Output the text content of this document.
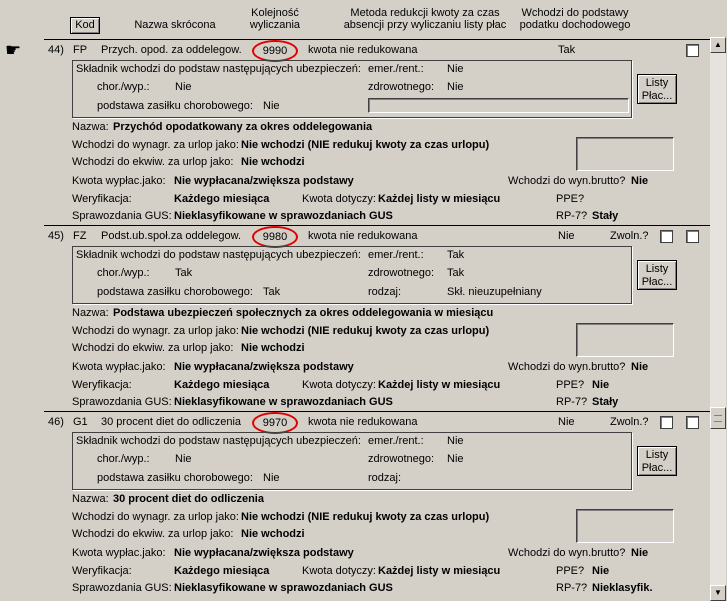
Kod	Nazwa skrócona
Kolejność
wyliczania
Metoda redukcji kwoty za czas
absencji przy wyliczaniu listy płac
Wchodzi do podstawy
podatku dochodowego
☛ 44) FP Przych. opod. za oddelegow.	9990	kwota nie redukowana	Tak
Składnik wchodzi do podstaw następujących ubezpieczeń: emer./rent.: Nie
chor./wyp.: Nie	zdrowotnego: Nie
podstawa zasiłku chorobowego: Nie
Listy
Płac...
Nazwa: Przychód opodatkowany za okres oddelegowania
Wchodzi do wynagr. za urlop jako: Nie wchodzi (NIE redukuj kwoty za czas urlopu)
Wchodzi do ekwiw. za urlop jako: Nie wchodzi
Kwota wypłac.jako: Nie wypłacana/zwiększa podstawy	Wchodzi do wyn.brutto? Nie
Weryfikacja:	Każdego miesiąca	Kwota dotyczy: Każdej listy w miesiącu	PPE?
Sprawozdania GUS: Nieklasyfikowane w sprawozdaniach GUS	RP-7? Stały
45) FZ Podst.ub.społ.za oddelegow.	9980	kwota nie redukowana	Nie	Zwoln.?
Składnik wchodzi do podstaw następujących ubezpieczeń: emer./rent.: Tak
chor./wyp.: Tak	zdrowotnego: Tak
podstawa zasiłku chorobowego: Tak	rodzaj:	Skł. nieuzupełniany
Listy
Płac...
Nazwa: Podstawa ubezpieczeń społecznych za okres oddelegowania w miesiącu
Wchodzi do wynagr. za urlop jako: Nie wchodzi (NIE redukuj kwoty za czas urlopu)
Wchodzi do ekwiw. za urlop jako: Nie wchodzi
Kwota wypłac.jako: Nie wypłacana/zwiększa podstawy	Wchodzi do wyn.brutto? Nie
Weryfikacja:	Każdego miesiąca	Kwota dotyczy: Każdej listy w miesiącu	PPE? Nie
Sprawozdania GUS: Nieklasyfikowane w sprawozdaniach GUS	RP-7? Stały
46) G1 30 procent diet do odliczenia	9970	kwota nie redukowana	Nie	Zwoln.?
Składnik wchodzi do podstaw następujących ubezpieczeń: emer./rent.: Nie
chor./wyp.: Nie	zdrowotnego: Nie
podstawa zasiłku chorobowego: Nie	rodzaj:
Listy
Płac...
Nazwa: 30 procent diet do odliczenia
Wchodzi do wynagr. za urlop jako: Nie wchodzi (NIE redukuj kwoty za czas urlopu)
Wchodzi do ekwiw. za urlop jako: Nie wchodzi
Kwota wypłac.jako: Nie wypłacana/zwiększa podstawy	Wchodzi do wyn.brutto? Nie
Weryfikacja:	Każdego miesiąca	Kwota dotyczy: Każdej listy w miesiącu	PPE? Nie
Sprawozdania GUS: Nieklasyfikowane w sprawozdaniach GUS	RP-7? Nieklasyfik.
▲
▼
